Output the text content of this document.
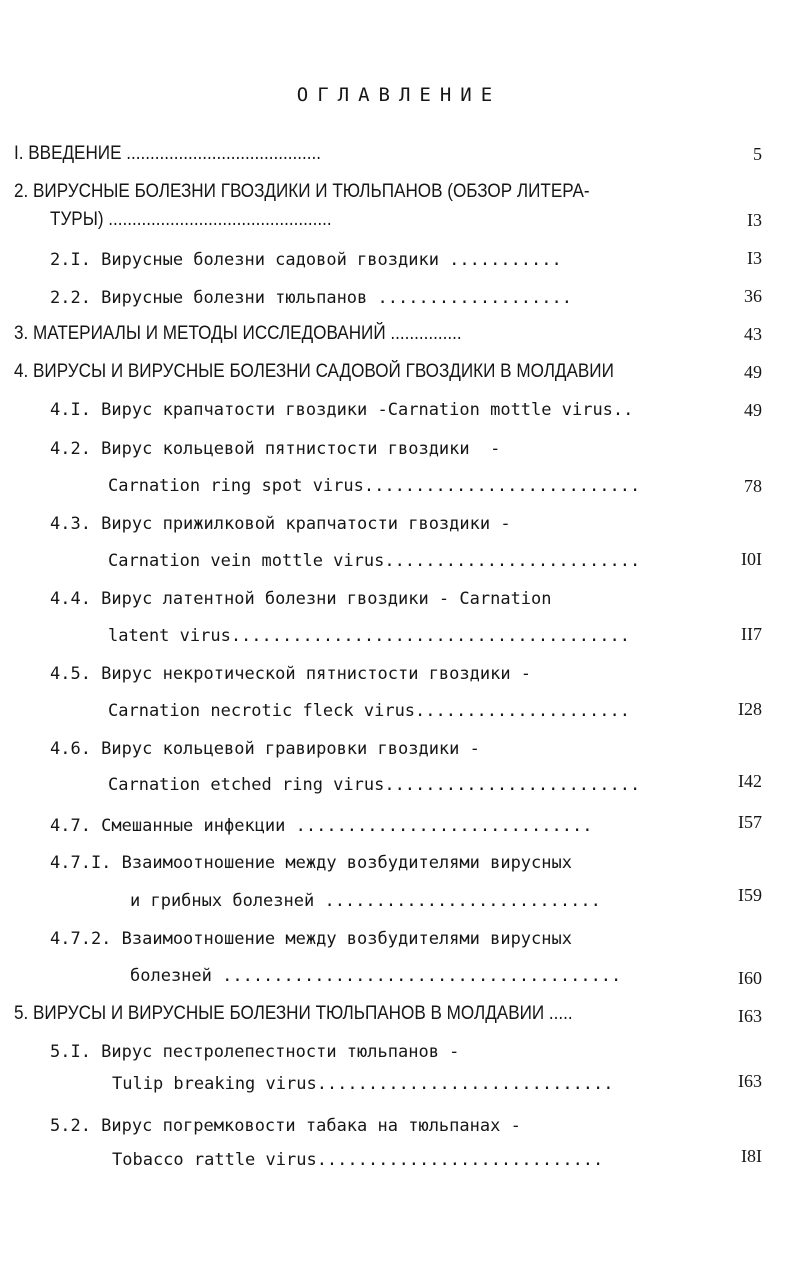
ОГЛАВЛЕНИЕ

I. ВВЕДЕНИЕ .........................................	5

2. ВИРУСНЫЕ БОЛЕЗНИ ГВОЗДИКИ И ТЮЛЬПАНОВ (ОБЗОР ЛИТЕРА-

ТУРЫ) ...............................................	I3

2.I. Вирусные болезни садовой гвоздики ...........	I3

2.2. Вирусные болезни тюльпанов ...................	36

3. МАТЕРИАЛЫ И МЕТОДЫ ИССЛЕДОВАНИЙ ...............	43

4. ВИРУСЫ И ВИРУСНЫЕ БОЛЕЗНИ САДОВОЙ ГВОЗДИКИ В МОЛДАВИИ	49

4.I. Вирус крапчатости гвоздики -Carnation mottle virus..	49

4.2. Вирус кольцевой пятнистости гвоздики  -

Carnation ring spot virus...........................	78

4.3. Вирус прижилковой крапчатости гвоздики -

Carnation vein mottle virus.........................	I0I

4.4. Вирус латентной болезни гвоздики - Carnation

latent virus.......................................	II7

4.5. Вирус некротической пятнистости гвоздики -

Carnation necrotic fleck virus.....................	I28

4.6. Вирус кольцевой гравировки гвоздики -

Carnation etched ring virus.........................	I42

4.7. Смешанные инфекции .............................	I57

4.7.I. Взаимоотношение между возбудителями вирусных

и грибных болезней ...........................	I59

4.7.2. Взаимоотношение между возбудителями вирусных

болезней .......................................	I60

5. ВИРУСЫ И ВИРУСНЫЕ БОЛЕЗНИ ТЮЛЬПАНОВ В МОЛДАВИИ .....	I63

5.I. Вирус пестролепестности тюльпанов -

Tulip breaking virus.............................	I63

5.2. Вирус погремковости табака на тюльпанах -

Tobacco rattle virus............................	I8I
